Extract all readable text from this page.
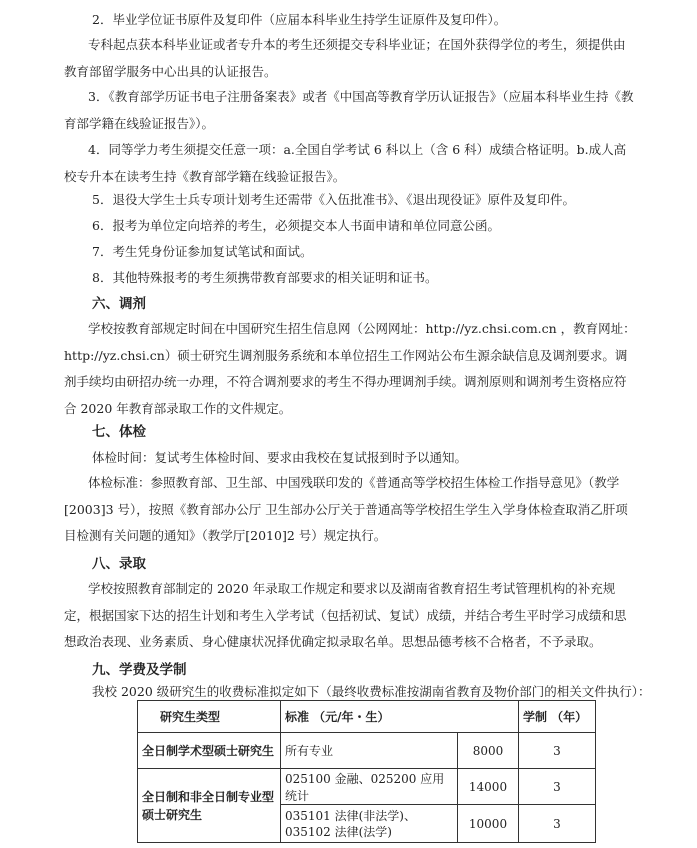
2．毕业学位证书原件及复印件（应届本科毕业生持学生证原件及复印件）。

专科起点获本科毕业证或者专升本的考生还须提交专科毕业证；在国外获得学位的考生，须提供由教育部留学服务中心出具的认证报告。

3．《教育部学历证书电子注册备案表》或者《中国高等教育学历认证报告》（应届本科毕业生持《教育部学籍在线验证报告》）。

4．同等学力考生须提交任意一项：a.全国自学考试 6 科以上（含 6 科）成绩合格证明。b.成人高校专升本在读考生持《教育部学籍在线验证报告》。

5．退役大学生士兵专项计划考生还需带《入伍批准书》、《退出现役证》原件及复印件。

6．报考为单位定向培养的考生，必须提交本人书面申请和单位同意公函。

7．考生凭身份证参加复试笔试和面试。

8．其他特殊报考的考生须携带教育部要求的相关证明和证书。

六、调剂

学校按教育部规定时间在中国研究生招生信息网（公网网址：http://yz.chsi.com.cn ，教育网址：http://yz.chsi.cn）硕士研究生调剂服务系统和本单位招生工作网站公布生源余缺信息及调剂要求。调剂手续均由研招办统一办理，不符合调剂要求的考生不得办理调剂手续。调剂原则和调剂考生资格应符合 2020 年教育部录取工作的文件规定。

七、体检

体检时间：复试考生体检时间、要求由我校在复试报到时予以通知。

体检标准：参照教育部、卫生部、中国残联印发的《普通高等学校招生体检工作指导意见》（教学[2003]3 号），按照《教育部办公厅 卫生部办公厅关于普通高等学校招生学生入学身体检查取消乙肝项目检测有关问题的通知》（教学厅[2010]2 号）规定执行。

八、录取

学校按照教育部制定的 2020 年录取工作规定和要求以及湖南省教育招生考试管理机构的补充规定，根据国家下达的招生计划和考生入学考试（包括初试、复试）成绩，并结合考生平时学习成绩和思想政治表现、业务素质、身心健康状况择优确定拟录取名单。思想品德考核不合格者，不予录取。

九、学费及学制

我校 2020 级研究生的收费标准拟定如下（最终收费标准按湖南省教育及物价部门的相关文件执行）：

研究生类型	标准 （元/年・生）		学制 （年）
全日制学术型硕士研究生	所有专业	8000	3
全日制和非全日制专业型硕士研究生	025100 金融、025200 应用统计	14000	3
	035101 法律(非法学)、035102 法律(法学)	10000	3
